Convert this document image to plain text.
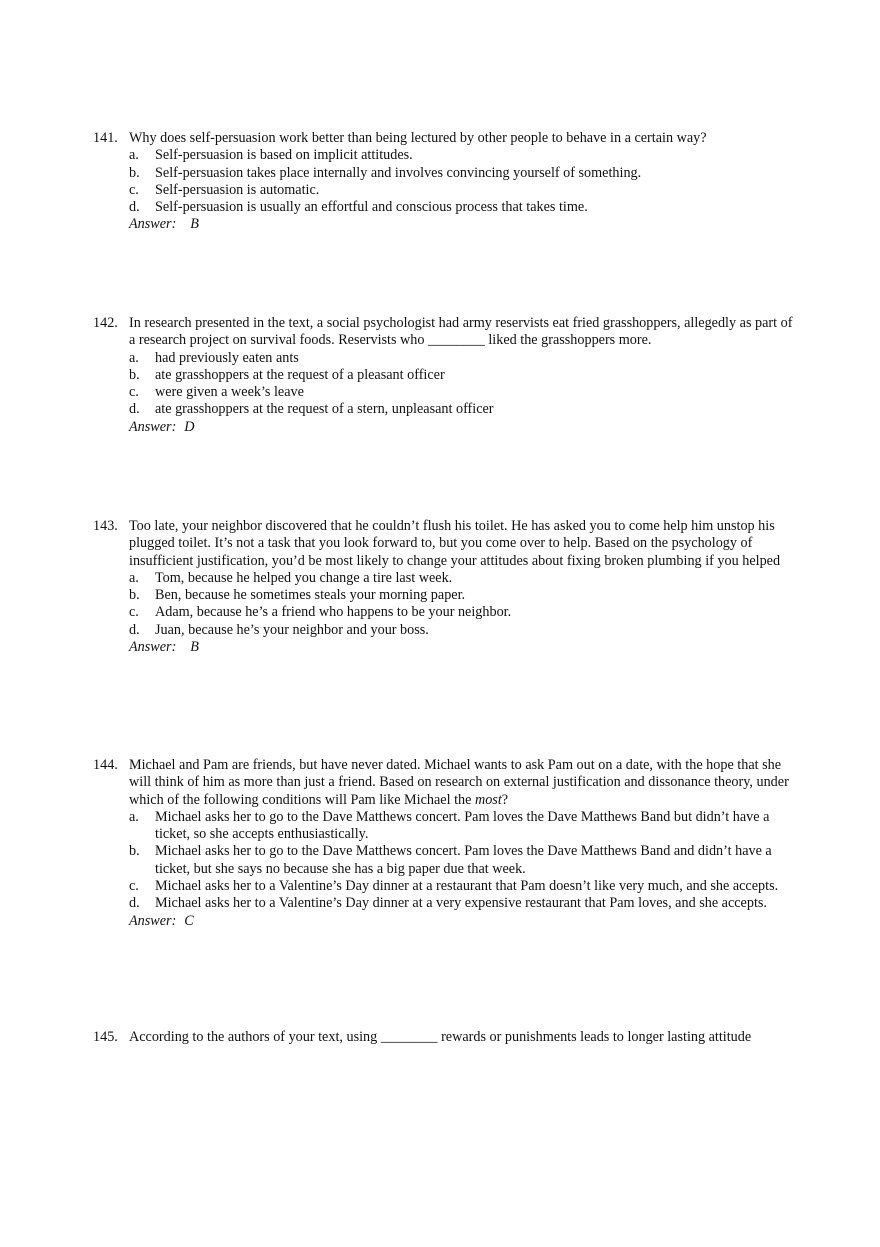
141. Why does self-persuasion work better than being lectured by other people to behave in a certain way?
a. Self-persuasion is based on implicit attitudes.
b. Self-persuasion takes place internally and involves convincing yourself of something.
c. Self-persuasion is automatic.
d. Self-persuasion is usually an effortful and conscious process that takes time.
Answer: B
142. In research presented in the text, a social psychologist had army reservists eat fried grasshoppers, allegedly as part of a research project on survival foods. Reservists who ________ liked the grasshoppers more.
a. had previously eaten ants
b. ate grasshoppers at the request of a pleasant officer
c. were given a week’s leave
d. ate grasshoppers at the request of a stern, unpleasant officer
Answer: D
143. Too late, your neighbor discovered that he couldn’t flush his toilet. He has asked you to come help him unstop his plugged toilet. It’s not a task that you look forward to, but you come over to help. Based on the psychology of insufficient justification, you’d be most likely to change your attitudes about fixing broken plumbing if you helped
a. Tom, because he helped you change a tire last week.
b. Ben, because he sometimes steals your morning paper.
c. Adam, because he’s a friend who happens to be your neighbor.
d. Juan, because he’s your neighbor and your boss.
Answer: B
144. Michael and Pam are friends, but have never dated. Michael wants to ask Pam out on a date, with the hope that she will think of him as more than just a friend. Based on research on external justification and dissonance theory, under which of the following conditions will Pam like Michael the most?
a. Michael asks her to go to the Dave Matthews concert. Pam loves the Dave Matthews Band but didn’t have a ticket, so she accepts enthusiastically.
b. Michael asks her to go to the Dave Matthews concert. Pam loves the Dave Matthews Band and didn’t have a ticket, but she says no because she has a big paper due that week.
c. Michael asks her to a Valentine’s Day dinner at a restaurant that Pam doesn’t like very much, and she accepts.
d. Michael asks her to a Valentine’s Day dinner at a very expensive restaurant that Pam loves, and she accepts.
Answer: C
145. According to the authors of your text, using ________ rewards or punishments leads to longer lasting attitude
